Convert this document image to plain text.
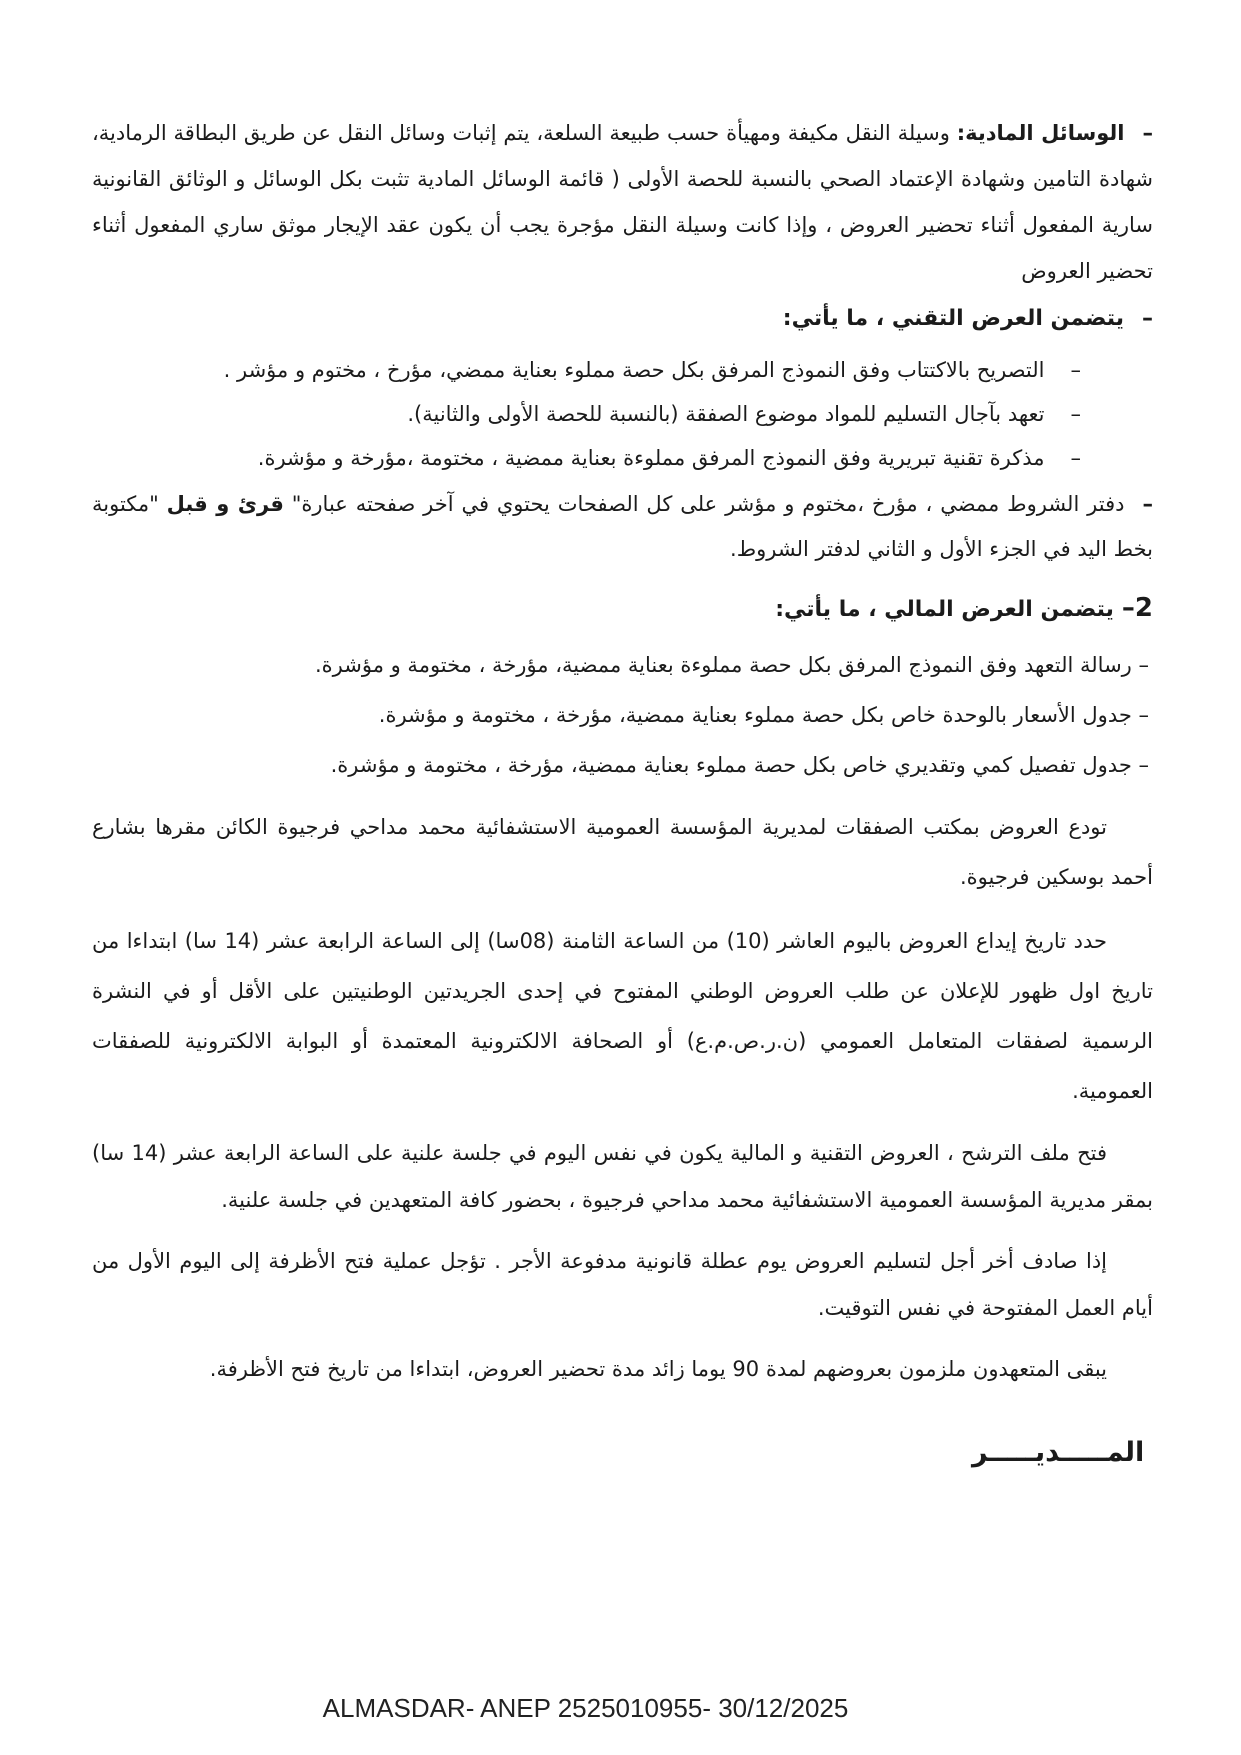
–الوسائل المادية: وسيلة النقل مكيفة ومهيأة حسب طبيعة السلعة، يتم إثبات وسائل النقل عن طريق البطاقة الرمادية، شهادة التامين وشهادة الإعتماد الصحي بالنسبة للحصة الأولى ( قائمة الوسائل المادية تثبت بكل الوسائل و الوثائق القانونية سارية المفعول أثناء تحضير العروض ، وإذا كانت وسيلة النقل مؤجرة يجب أن يكون عقد الإيجار موثق ساري المفعول أثناء تحضير العروض

–يتضمن العرض التقني ، ما يأتي:

–التصريح بالاكتتاب وفق النموذج المرفق بكل حصة مملوء بعناية ممضي، مؤرخ ، مختوم و مؤشر .

–تعهد بآجال التسليم للمواد موضوع الصفقة (بالنسبة للحصة الأولى والثانية).

–مذكرة تقنية تبريرية وفق النموذج المرفق مملوءة بعناية ممضية ، مختومة ،مؤرخة و مؤشرة.

–دفتر الشروط ممضي ، مؤرخ ،مختوم و مؤشر على كل الصفحات يحتوي في آخر صفحته عبارة" قرئ و قبل "مكتوبة بخط اليد في الجزء الأول و الثاني لدفتر الشروط.

2–يتضمن العرض المالي ، ما يأتي:

– رسالة التعهد وفق النموذج المرفق بكل حصة مملوءة بعناية ممضية، مؤرخة ، مختومة و مؤشرة.

– جدول الأسعار بالوحدة خاص بكل حصة مملوء بعناية ممضية، مؤرخة ، مختومة و مؤشرة.

– جدول تفصيل كمي وتقديري خاص بكل حصة مملوء بعناية ممضية، مؤرخة ، مختومة و مؤشرة.

تودع العروض بمكتب الصفقات لمديرية المؤسسة العمومية الاستشفائية محمد مداحي فرجيوة الكائن مقرها بشارع أحمد بوسكين فرجيوة.

حدد تاريخ إيداع العروض باليوم العاشر (10) من الساعة الثامنة (08سا) إلى الساعة الرابعة عشر (14 سا) ابتداءا من تاريخ اول ظهور للإعلان عن طلب العروض الوطني المفتوح في إحدى الجريدتين الوطنيتين على الأقل أو في النشرة الرسمية لصفقات المتعامل العمومي (ن.ر.ص.م.ع) أو الصحافة الالكترونية المعتمدة أو البوابة الالكترونية للصفقات العمومية.

فتح ملف الترشح ، العروض التقنية و المالية يكون في نفس اليوم في جلسة علنية على الساعة الرابعة عشر (14 سا) بمقر مديرية المؤسسة العمومية الاستشفائية محمد مداحي فرجيوة ، بحضور كافة المتعهدين في جلسة علنية.

إذا صادف أخر أجل لتسليم العروض يوم عطلة قانونية مدفوعة الأجر . تؤجل عملية فتح الأظرفة إلى اليوم الأول من أيام العمل المفتوحة في نفس التوقيت.

يبقى المتعهدون ملزمون بعروضهم لمدة 90 يوما زائد مدة تحضير العروض، ابتداءا من تاريخ فتح الأظرفة.

المـــــديـــــر
ALMASDAR- ANEP 2525010955- 30/12/2025
